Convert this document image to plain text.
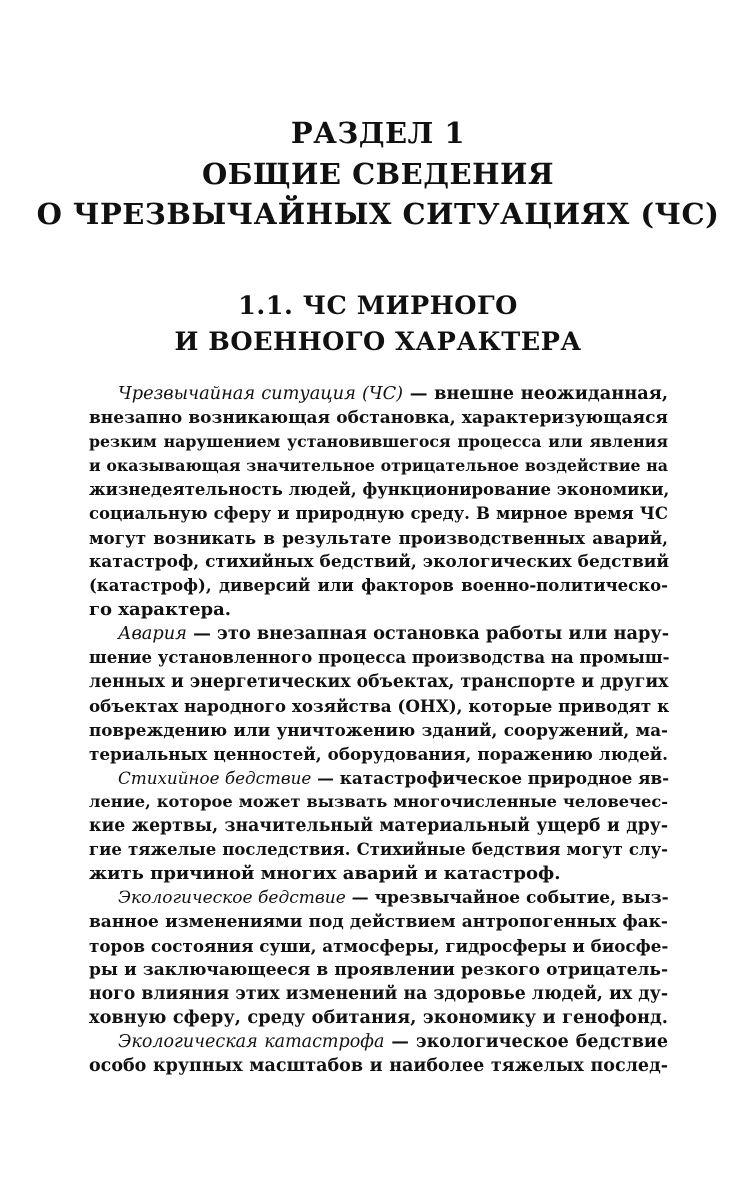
РАЗДЕЛ 1
ОБЩИЕ СВЕДЕНИЯ
О ЧРЕЗВЫЧАЙНЫХ СИТУАЦИЯХ (ЧС)
1.1. ЧС МИРНОГО
И ВОЕННОГО ХАРАКТЕРА

Чрезвычайная ситуация (ЧС) — внешне неожиданная,

внезапно возникающая обстановка, характеризующаяся

резким нарушением установившегося процесса или явления

и оказывающая значительное отрицательное воздействие на

жизнедеятельность людей, функционирование экономики,

социальную сферу и природную среду. В мирное время ЧС

могут возникать в результате производственных аварий,

катастроф, стихийных бедствий, экологических бедствий

(катастроф), диверсий или факторов военно-политическо-

го характера.

Авария — это внезапная остановка работы или нару-

шение установленного процесса производства на промыш-

ленных и энергетических объектах, транспорте и других

объектах народного хозяйства (ОНХ), которые приводят к

повреждению или уничтожению зданий, сооружений, ма-

териальных ценностей, оборудования, поражению людей.

Стихийное бедствие — катастрофическое природное яв-

ление, которое может вызвать многочисленные человечес-

кие жертвы, значительный материальный ущерб и дру-

гие тяжелые последствия. Стихийные бедствия могут слу-

жить причиной многих аварий и катастроф.

Экологическое бедствие — чрезвычайное событие, выз-

ванное изменениями под действием антропогенных фак-

торов состояния суши, атмосферы, гидросферы и биосфе-

ры и заключающееся в проявлении резкого отрицатель-

ного влияния этих изменений на здоровье людей, их ду-

ховную сферу, среду обитания, экономику и генофонд.

Экологическая катастрофа — экологическое бедствие

особо крупных масштабов и наиболее тяжелых послед-
